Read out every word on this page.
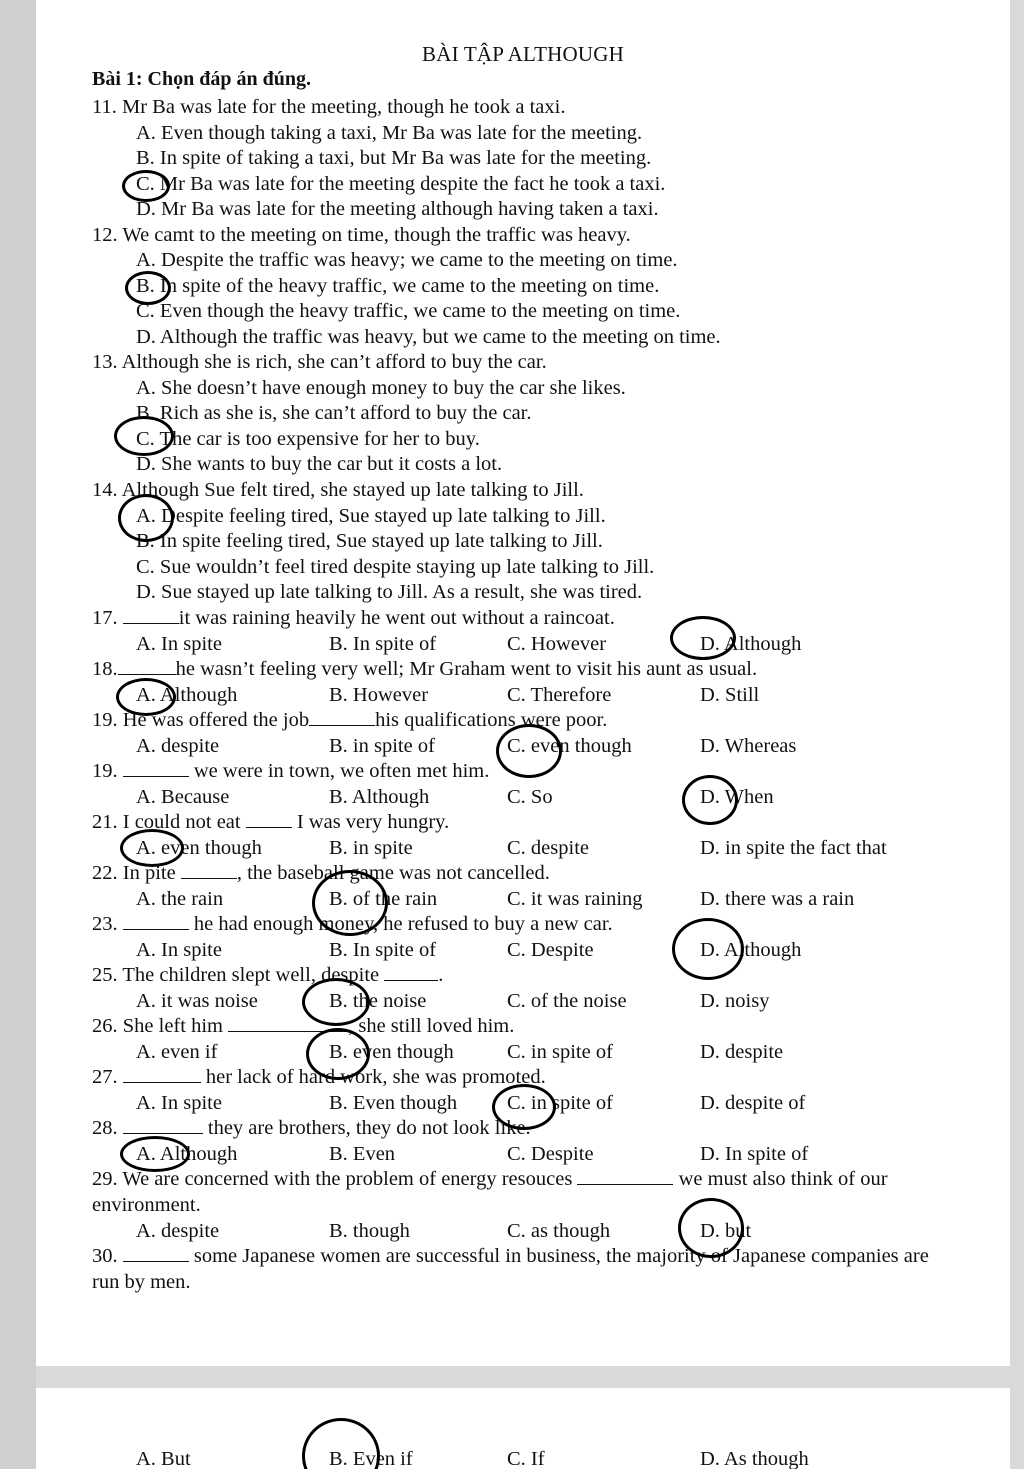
BÀI TẬP ALTHOUGH
Bài 1: Chọn đáp án đúng.
11. Mr Ba was late for the meeting, though he took a taxi.
A. Even though taking a taxi, Mr Ba was late for the meeting.
B. In spite of taking a taxi, but Mr Ba was late for the meeting.
C. Mr Ba was late for the meeting despite the fact he took a taxi.
D. Mr Ba was late for the meeting although having taken a taxi.
12. We camt to the meeting on time, though the traffic was heavy.
A. Despite the traffic was heavy; we came to the meeting on time.
B. In spite of the heavy traffic, we came to the meeting on time.
C. Even though the heavy traffic, we came to the meeting on time.
D. Although the traffic was heavy, but we came to the meeting on time.
13. Although she is rich, she can’t afford to buy the car.
A. She doesn’t have enough money to buy the car she likes.
B. Rich as she is, she can’t afford to buy the car.
C. The car is too expensive for her to buy.
D. She wants to buy the car but it costs a lot.
14. Although Sue felt tired, she stayed up late talking to Jill.
A. Despite feeling tired, Sue stayed up late talking to Jill.
B. In spite feeling tired, Sue stayed up late talking to Jill.
C. Sue wouldn’t feel tired despite staying up late talking to Jill.
D. Sue stayed up late talking to Jill. As a result, she was tired.
17.	it was raining heavily he went out without a raincoat.
A. In spite	B. In spite of	C. However	D. Although
18.	he wasn’t feeling very well; Mr Graham went to visit his aunt as usual.
A. Although	B. However	C. Therefore	D. Still
19. He was offered the job	his qualifications were poor.
A. despite	B. in spite of	C. even though	D. Whereas
19.	we were in town, we often met him.
A. Because	B. Although	C. So	D. When
21. I could not eat	I was very hungry.
A. even though	B. in spite	C. despite	D. in spite the fact that
22. In pite	, the baseball game was not cancelled.
A. the rain	B. of the rain	C. it was raining	D. there was a rain
23.	he had enough money, he refused to buy a new car.
A. In spite	B. In spite of	C. Despite	D. Although
25. The children slept well, despite	.
A. it was noise	B. the noise	C. of the noise	D. noisy
26. She left him	, she still loved him.
A. even if	B. even though	C. in spite of	D. despite
27.	her lack of hard work, she was promoted.
A. In spite	B. Even though C. in spite of	D. despite of
28.	they are brothers, they do not look like.
A. Although	B. Even	C. Despite	D. In spite of
29. We are concerned with the problem of energy resouces	we must also think of our environment.
A. despite	B. though	C. as though	D. but
30.	some Japanese women are successful in business, the majority of Japanese companies are run by men.
A. But	B. Even if	C. If	D. As though
